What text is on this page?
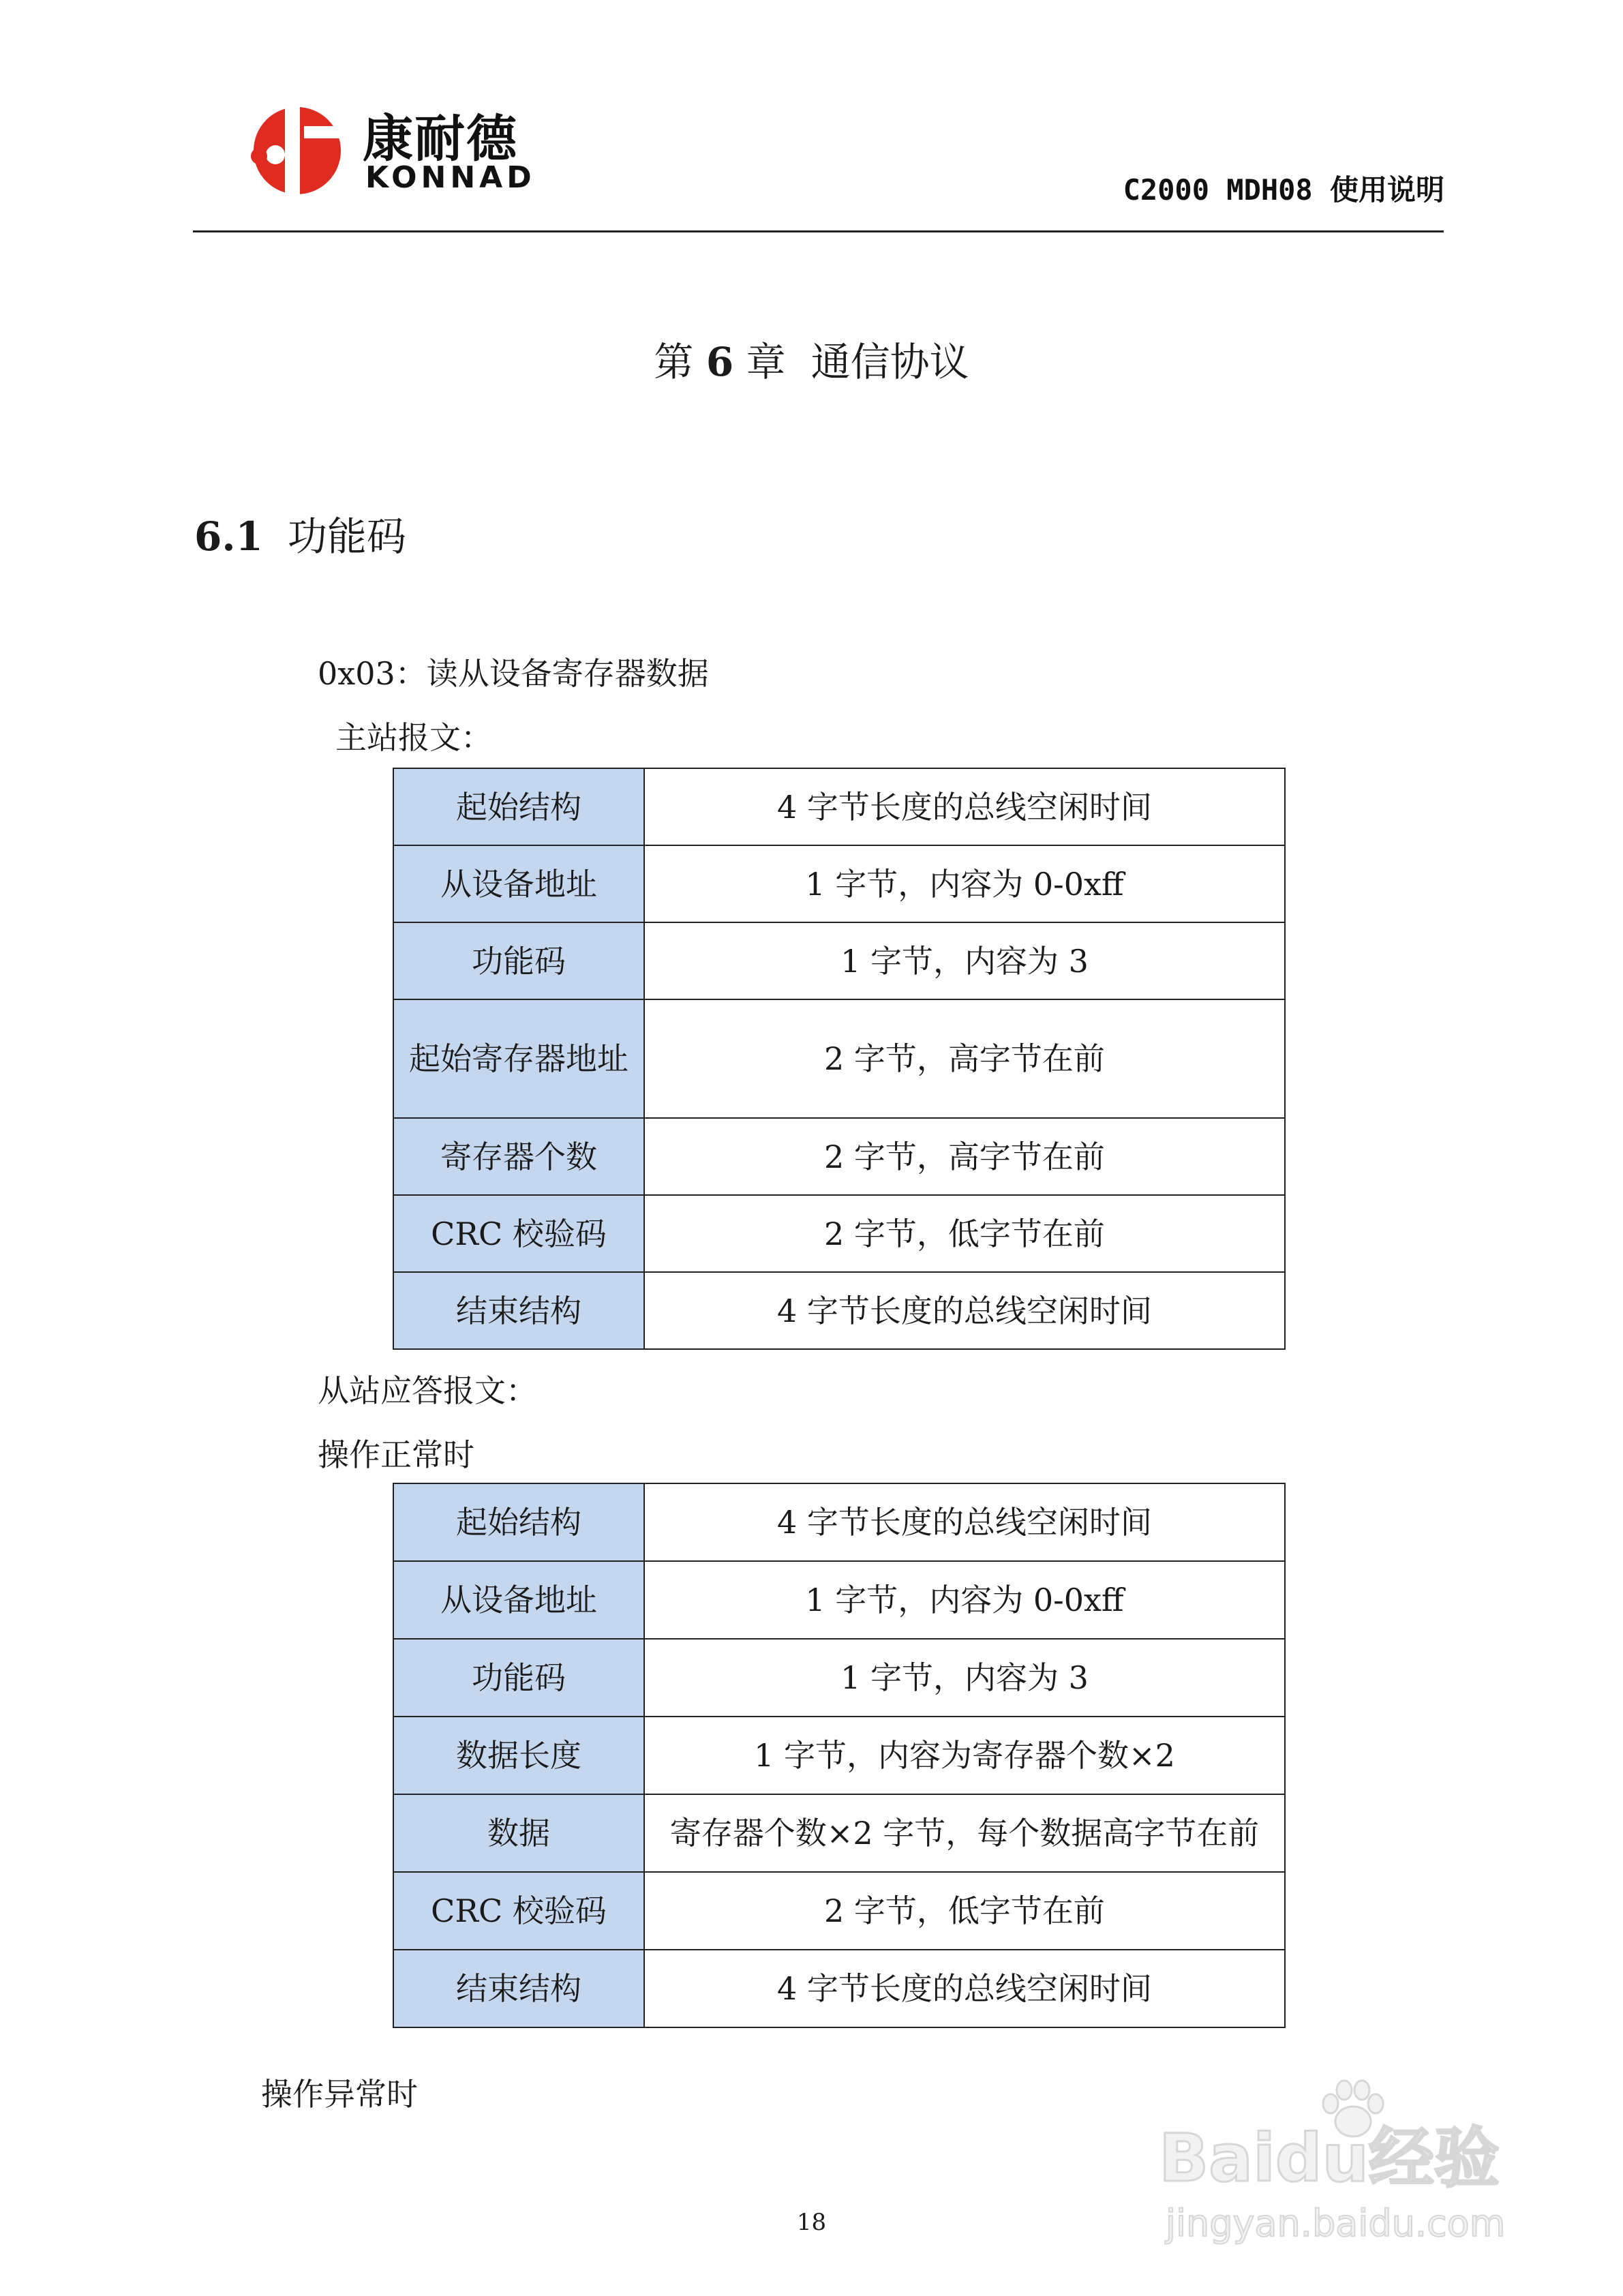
康耐德
KONNAD	C2000 MDH08 使用说明
第 6 章 通信协议
6.1 功能码
0x03：读从设备寄存器数据
主站报文：
起始结构	4 字节长度的总线空闲时间
从设备地址	1 字节，内容为 0-0xff
功能码	1 字节，内容为 3
起始寄存器地址	2 字节，高字节在前
寄存器个数	2 字节，高字节在前
CRC 校验码	2 字节，低字节在前
结束结构	4 字节长度的总线空闲时间
从站应答报文：
操作正常时
起始结构	4 字节长度的总线空闲时间
从设备地址	1 字节，内容为 0-0xff
功能码	1 字节，内容为 3
数据长度	1 字节，内容为寄存器个数×2
数据	寄存器个数×2 字节，每个数据高字节在前
CRC 校验码	2 字节，低字节在前
结束结构	4 字节长度的总线空闲时间
操作异常时
18
Baidu经验
jingyan.baidu.com
